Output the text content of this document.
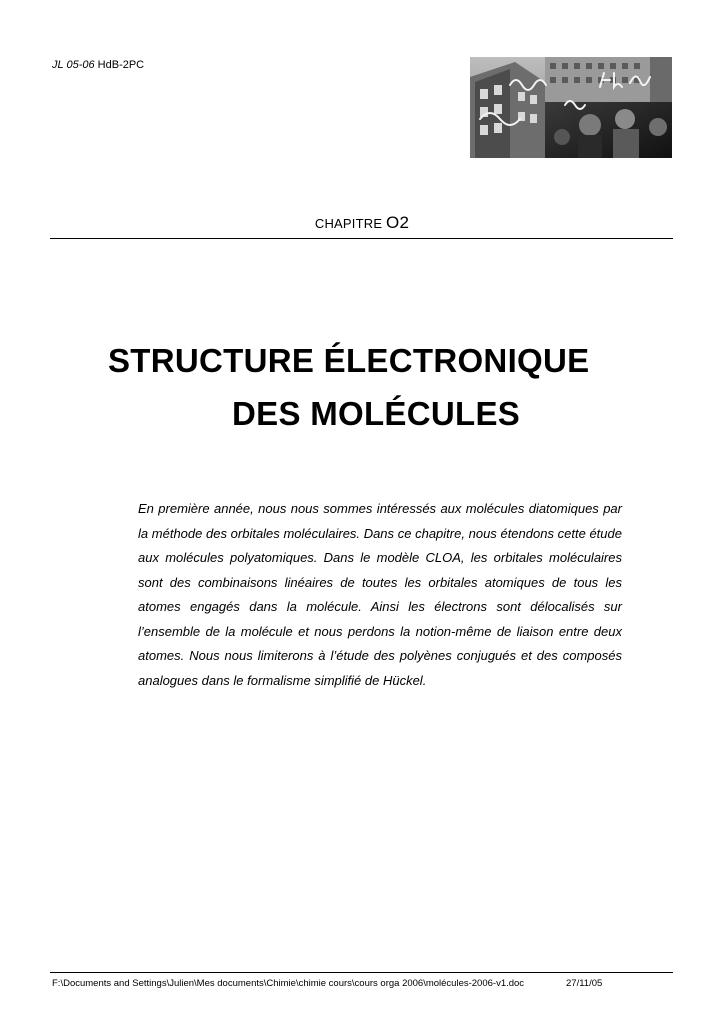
JL 05-06 HdB-2PC
CHAPITRE O2
STRUCTURE ÉLECTRONIQUE
DES MOLÉCULES
En première année, nous nous sommes intéressés aux molécules diatomiques par la méthode des orbitales moléculaires. Dans ce chapitre, nous étendons cette étude aux molécules polyatomiques. Dans le modèle CLOA, les orbitales moléculaires sont des combinaisons linéaires de toutes les orbitales atomiques de tous les atomes engagés dans la molécule. Ainsi les électrons sont délocalisés sur l’ensemble de la molécule et nous perdons la notion-même de liaison entre deux atomes. Nous nous limiterons à l’étude des polyènes conjugués et des composés analogues dans le formalisme simplifié de Hückel.
F:\Documents and Settings\Julien\Mes documents\Chimie\chimie cours\cours orga 2006\molécules-2006-v1.doc	27/11/05
